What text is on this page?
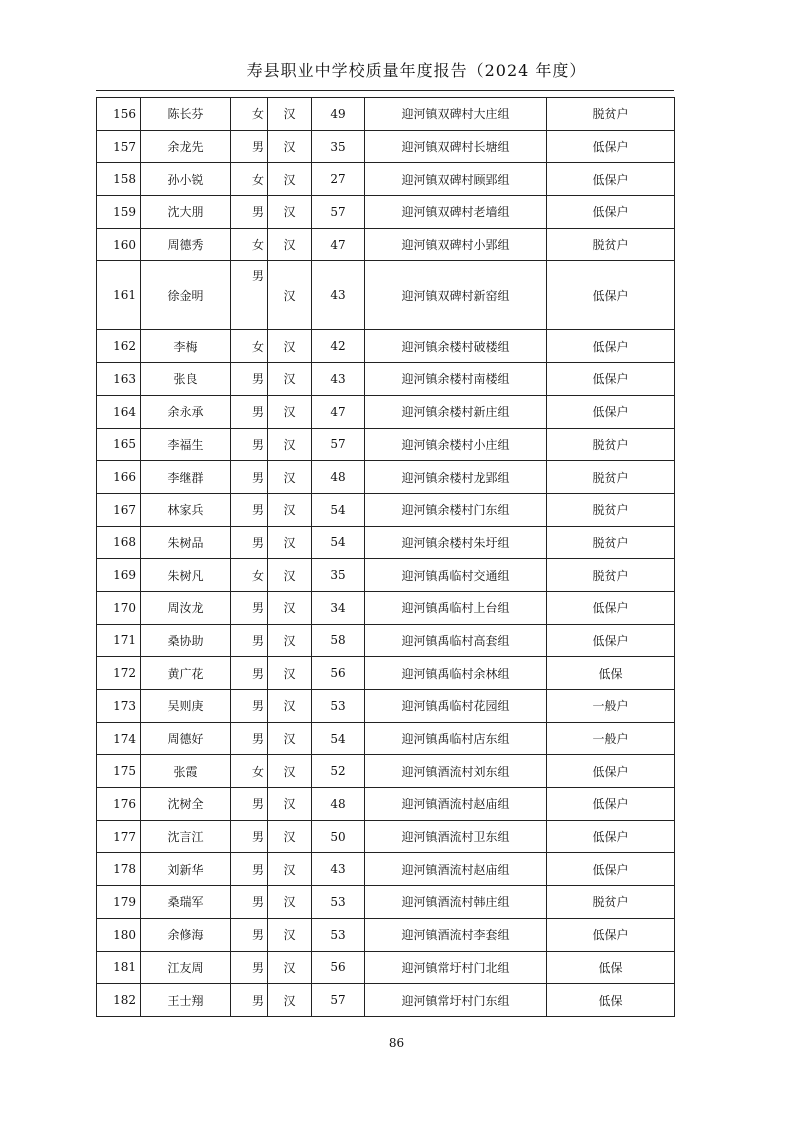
寿县职业中学校质量年度报告（2024 年度）
156	陈长芬	女	汉	49	迎河镇双碑村大庄组	脱贫户
157	余龙先	男	汉	35	迎河镇双碑村长塘组	低保户
158	孙小锐	女	汉	27	迎河镇双碑村顾郢组	低保户
159	沈大朋	男	汉	57	迎河镇双碑村老墙组	低保户
160	周德秀	女	汉	47	迎河镇双碑村小郢组	脱贫户
161	徐金明	男	汉	43	迎河镇双碑村新窑组	低保户
162	李梅	女	汉	42	迎河镇余楼村破楼组	低保户
163	张良	男	汉	43	迎河镇余楼村南楼组	低保户
164	余永承	男	汉	47	迎河镇余楼村新庄组	低保户
165	李福生	男	汉	57	迎河镇余楼村小庄组	脱贫户
166	李继群	男	汉	48	迎河镇余楼村龙郢组	脱贫户
167	林家兵	男	汉	54	迎河镇余楼村门东组	脱贫户
168	朱树品	男	汉	54	迎河镇余楼村朱圩组	脱贫户
169	朱树凡	女	汉	35	迎河镇禹临村交通组	脱贫户
170	周汝龙	男	汉	34	迎河镇禹临村上台组	低保户
171	桑协助	男	汉	58	迎河镇禹临村高套组	低保户
172	黄广花	男	汉	56	迎河镇禹临村余林组	低保
173	吴则庚	男	汉	53	迎河镇禹临村花园组	一般户
174	周德好	男	汉	54	迎河镇禹临村店东组	一般户
175	张霞	女	汉	52	迎河镇酒流村刘东组	低保户
176	沈树全	男	汉	48	迎河镇酒流村赵庙组	低保户
177	沈言江	男	汉	50	迎河镇酒流村卫东组	低保户
178	刘新华	男	汉	43	迎河镇酒流村赵庙组	低保户
179	桑瑞军	男	汉	53	迎河镇酒流村韩庄组	脱贫户
180	余修海	男	汉	53	迎河镇酒流村李套组	低保户
181	江友周	男	汉	56	迎河镇常圩村门北组	低保
182	王士翔	男	汉	57	迎河镇常圩村门东组	低保
86
